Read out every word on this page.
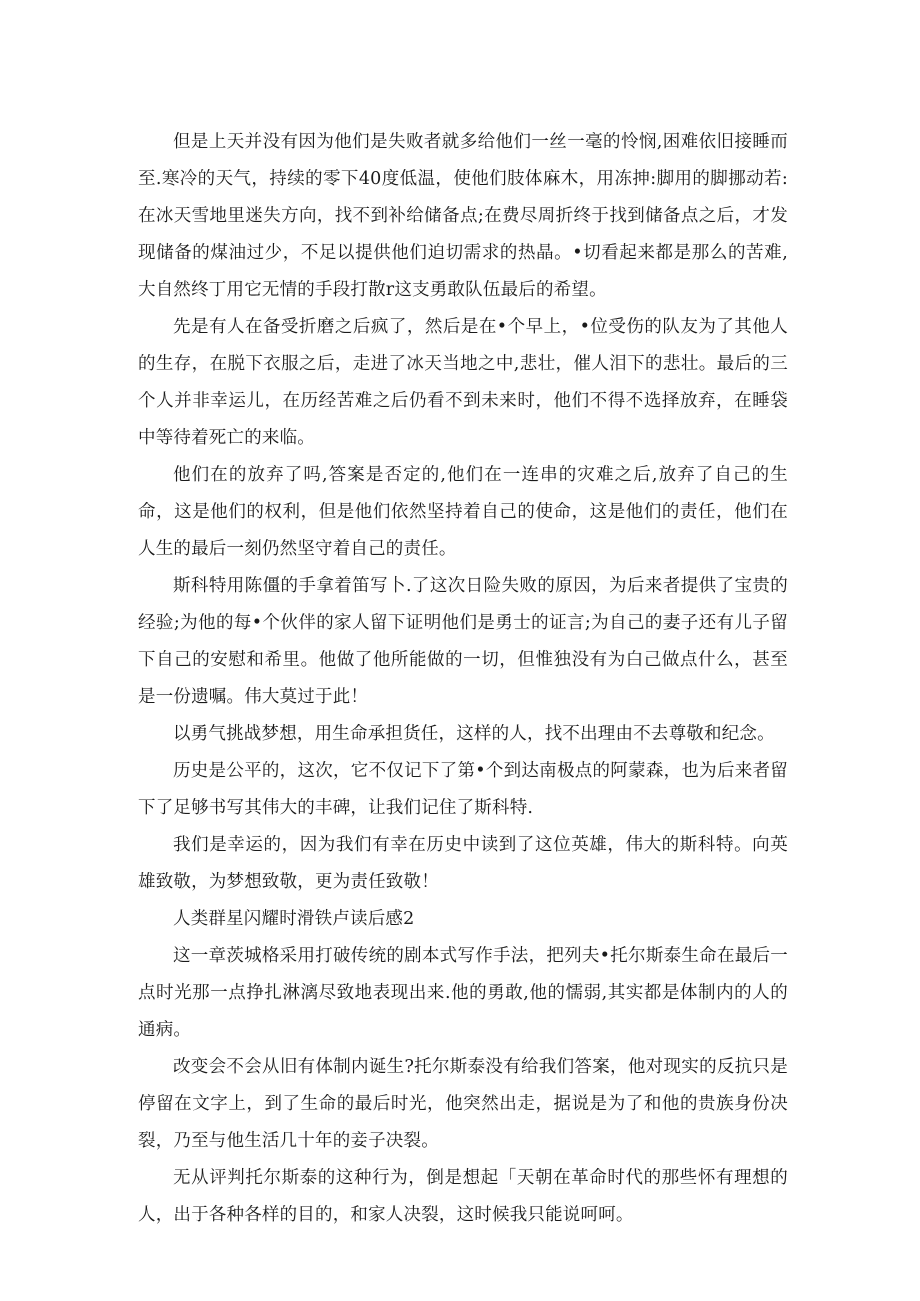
但是上天并没有因为他们是失败者就多给他们一丝一毫的怜悯,困难依旧接睡而至.寒冷的天气，持续的零下40度低温，使他们肢体麻木，用冻抻:脚用的脚挪动若:在冰天雪地里迷失方向，找不到补给储备点;在费尽周折终于找到储备点之后，才发现储备的煤油过少，不足以提供他们迫切需求的热晶。•切看起来都是那么的苦难,大自然终丁用它无情的手段打散r这支勇敢队伍最后的希望。

先是有人在备受折磨之后疯了，然后是在•个早上，•位受伤的队友为了其他人的生存，在脱下衣服之后，走进了冰天当地之中,悲壮，催人泪下的悲壮。最后的三个人并非幸运儿，在历经苦难之后仍看不到未来时，他们不得不选择放弃，在睡袋中等待着死亡的来临。

他们在的放弃了吗,答案是否定的,他们在一连串的灾难之后,放弃了自己的生命，这是他们的权利，但是他们依然坚持着自己的使命，这是他们的责任，他们在人生的最后一刻仍然坚守着自己的责任。

斯科特用陈僵的手拿着笛写卜.了这次日险失败的原因，为后来者提供了宝贵的经验;为他的每•个伙伴的家人留下证明他们是勇士的证言;为自己的妻子还有儿子留下自己的安慰和希里。他做了他所能做的一切，但惟独没有为白己做点什么，甚至是一份遗嘱。伟大莫过于此！

以勇气挑战梦想，用生命承担货任，这样的人，找不出理由不去尊敬和纪念。

历史是公平的，这次，它不仅记下了第•个到达南极点的阿蒙森，也为后来者留下了足够书写其伟大的丰碑，让我们记住了斯科特.

我们是幸运的，因为我们有幸在历史中读到了这位英雄，伟大的斯科特。向英雄致敬，为梦想致敬，更为责任致敬！

人类群星闪耀时滑铁卢读后感2

这一章茨城格采用打破传统的剧本式写作手法，把列夫•托尔斯泰生命在最后一点时光那一点挣扎淋漓尽致地表现出来.他的勇敢,他的懦弱,其实都是体制内的人的通病。

改变会不会从旧有体制内诞生?托尔斯泰没有给我们答案，他对现实的反抗只是停留在文字上，到了生命的最后时光，他突然出走，据说是为了和他的贵族身份决裂，乃至与他生活几十年的妾子决裂。

无从评判托尔斯泰的这种行为，倒是想起「天朝在革命时代的那些怀有理想的人，出于各种各样的目的，和家人决裂，这时候我只能说呵呵。
